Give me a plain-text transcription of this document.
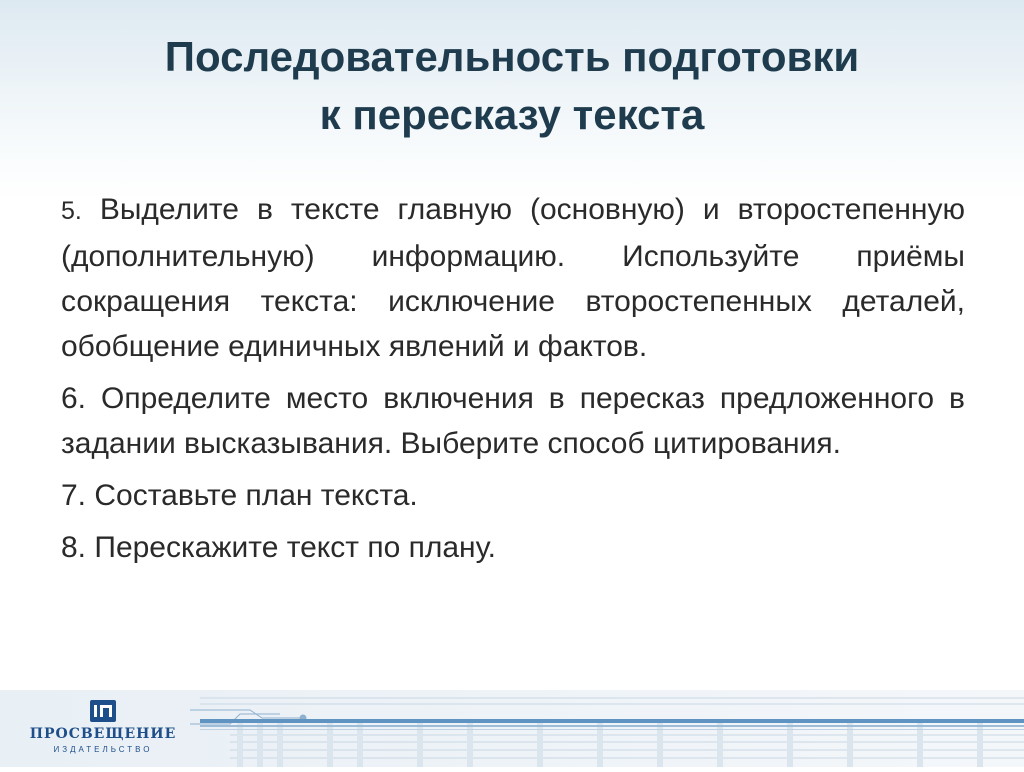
Последовательность подготовки
к пересказу текста
5. Выделите в тексте главную (основную) и второстепенную (дополнительную) информацию. Используйте приёмы сокращения текста: исключение второстепенных деталей, обобщение единичных явлений и фактов.
6. Определите место включения в пересказ предложенного в задании высказывания. Выберите способ цитирования.
7. Составьте план текста.
8. Перескажите текст по плану.
ПРОСВЕЩЕНИЕ
ИЗДАТЕЛЬСТВО
